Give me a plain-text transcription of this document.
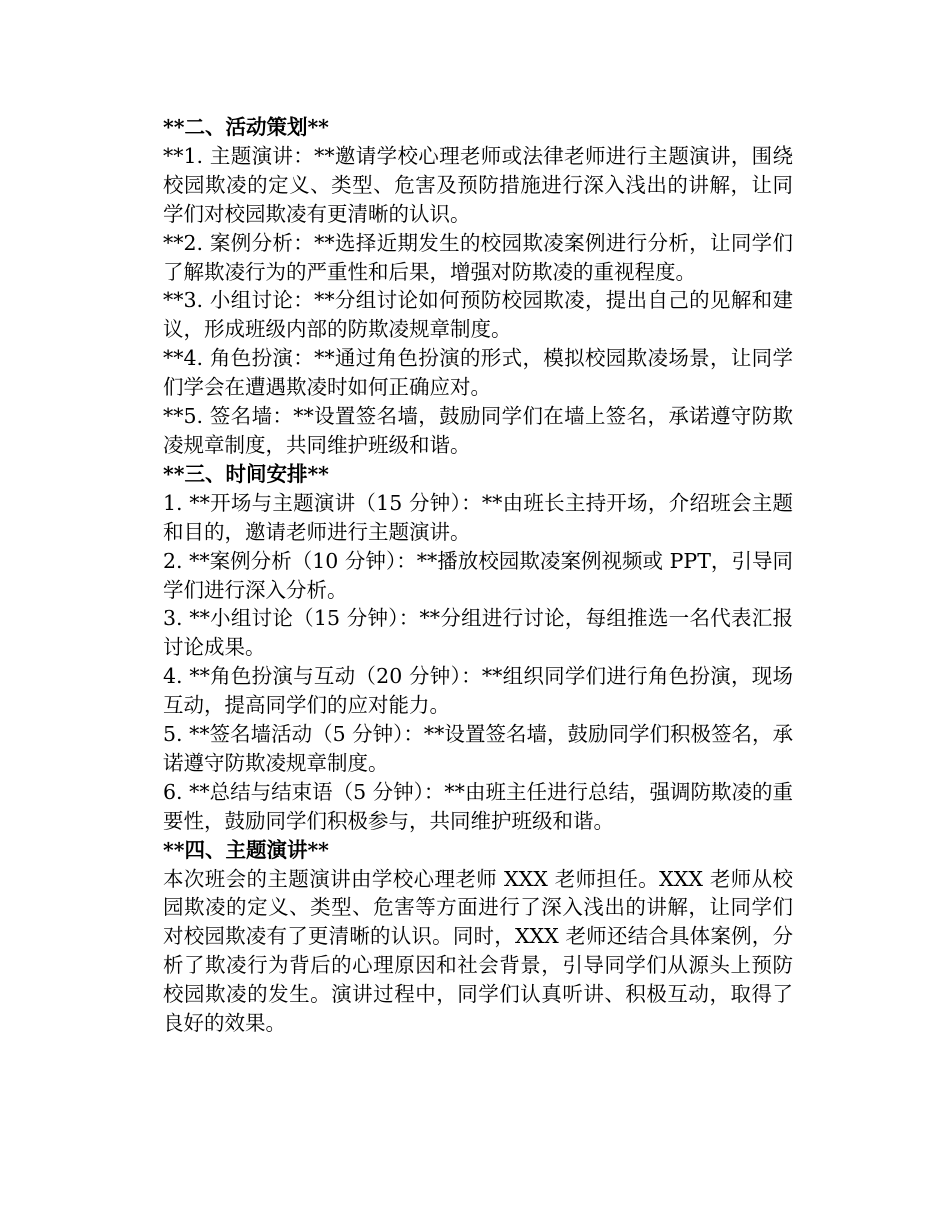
**二、活动策划**

**1. 主题演讲：**邀请学校心理老师或法律老师进行主题演讲，围绕校园欺凌的定义、类型、危害及预防措施进行深入浅出的讲解，让同学们对校园欺凌有更清晰的认识。

**2. 案例分析：**选择近期发生的校园欺凌案例进行分析，让同学们了解欺凌行为的严重性和后果，增强对防欺凌的重视程度。

**3. 小组讨论：**分组讨论如何预防校园欺凌，提出自己的见解和建议，形成班级内部的防欺凌规章制度。

**4. 角色扮演：**通过角色扮演的形式，模拟校园欺凌场景，让同学们学会在遭遇欺凌时如何正确应对。

**5. 签名墙：**设置签名墙，鼓励同学们在墙上签名，承诺遵守防欺凌规章制度，共同维护班级和谐。

**三、时间安排**

1. **开场与主题演讲（15 分钟）：**由班长主持开场，介绍班会主题和目的，邀请老师进行主题演讲。

2. **案例分析（10 分钟）：**播放校园欺凌案例视频或 PPT，引导同学们进行深入分析。

3. **小组讨论（15 分钟）：**分组进行讨论，每组推选一名代表汇报讨论成果。

4. **角色扮演与互动（20 分钟）：**组织同学们进行角色扮演，现场互动，提高同学们的应对能力。

5. **签名墙活动（5 分钟）：**设置签名墙，鼓励同学们积极签名，承诺遵守防欺凌规章制度。

6. **总结与结束语（5 分钟）：**由班主任进行总结，强调防欺凌的重要性，鼓励同学们积极参与，共同维护班级和谐。

**四、主题演讲**

本次班会的主题演讲由学校心理老师 XXX 老师担任。XXX 老师从校园欺凌的定义、类型、危害等方面进行了深入浅出的讲解，让同学们对校园欺凌有了更清晰的认识。同时，XXX 老师还结合具体案例，分析了欺凌行为背后的心理原因和社会背景，引导同学们从源头上预防校园欺凌的发生。演讲过程中，同学们认真听讲、积极互动，取得了良好的效果。
